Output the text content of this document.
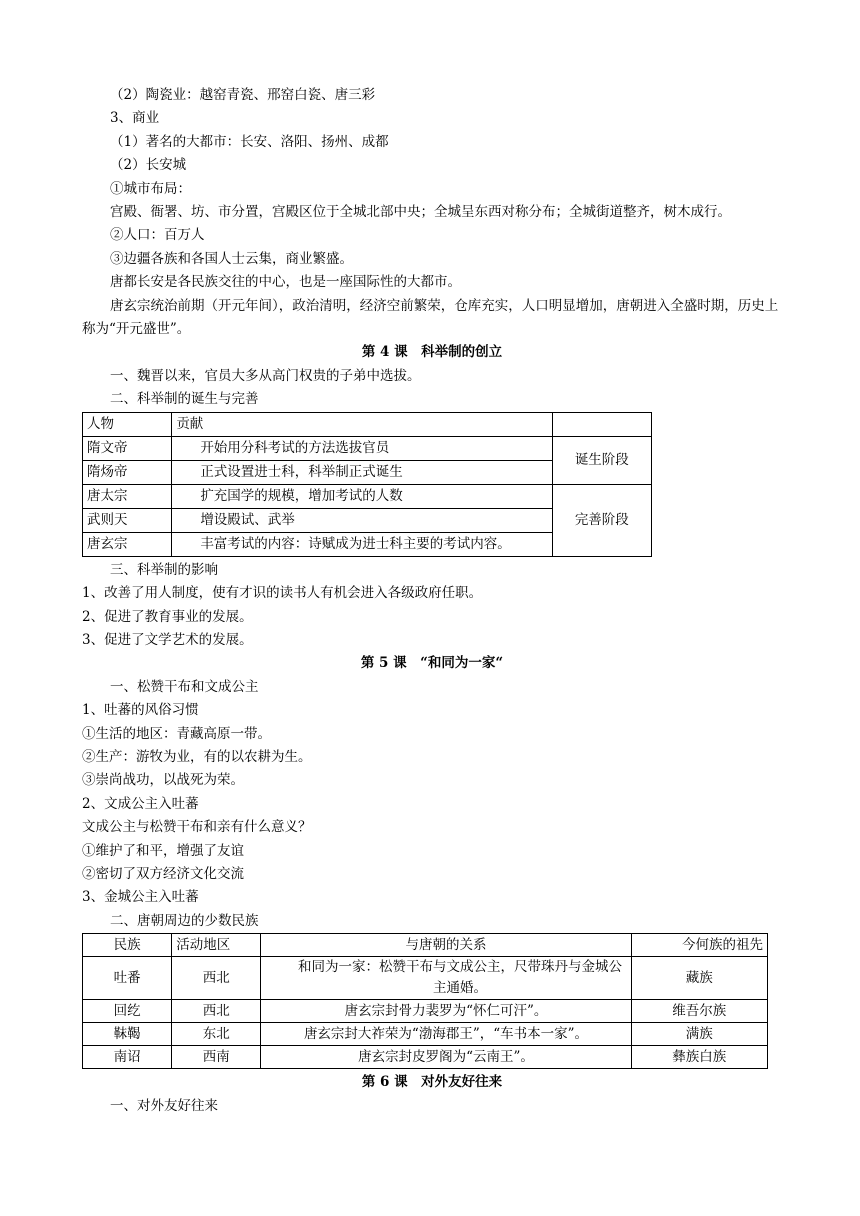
（2）陶瓷业：越窑青瓷、邢窑白瓷、唐三彩
3、商业
（1）著名的大都市：长安、洛阳、扬州、成都
（2）长安城
①城市布局：
宫殿、衙署、坊、市分置，宫殿区位于全城北部中央；全城呈东西对称分布；全城街道整齐，树木成行。
②人口：百万人
③边疆各族和各国人士云集，商业繁盛。
唐都长安是各民族交往的中心，也是一座国际性的大都市。
唐玄宗统治前期（开元年间），政治清明，经济空前繁荣，仓库充实，人口明显增加，唐朝进入全盛时期，历史上称为“开元盛世”。
第 4 课　科举制的创立
一、魏晋以来，官员大多从高门权贵的子弟中选拔。
二、科举制的诞生与完善
人物	贡献	
隋文帝	开始用分科考试的方法选拔官员	诞生阶段
隋炀帝	正式设置进士科，科举制正式诞生	
唐太宗	扩充国学的规模，增加考试的人数	完善阶段
武则天	增设殿试、武举	
唐玄宗	丰富考试的内容：诗赋成为进士科主要的考试内容。	
三、科举制的影响
1、改善了用人制度，使有才识的读书人有机会进入各级政府任职。
2、促进了教育事业的发展。
3、促进了文学艺术的发展。
第 5 课　“和同为一家“
一、松赞干布和文成公主
1、吐蕃的风俗习惯
①生活的地区：青藏高原一带。
②生产：游牧为业，有的以农耕为生。
③崇尚战功，以战死为荣。
2、文成公主入吐蕃
文成公主与松赞干布和亲有什么意义？
①维护了和平，增强了友谊
②密切了双方经济文化交流
3、金城公主入吐蕃
二、唐朝周边的少数民族
民族	活动地区	与唐朝的关系	今何族的祖先
吐番	西北	和同为一家：松赞干布与文成公主，尺带珠丹与金城公主通婚。	藏族
回纥	西北	唐玄宗封骨力裴罗为“怀仁可汗”。	维吾尔族
靺鞨	东北	唐玄宗封大祚荣为“渤海郡王”，“车书本一家”。	满族
南诏	西南	唐玄宗封皮罗阁为“云南王”。	彝族白族
第 6 课　对外友好往来
一、对外友好往来
